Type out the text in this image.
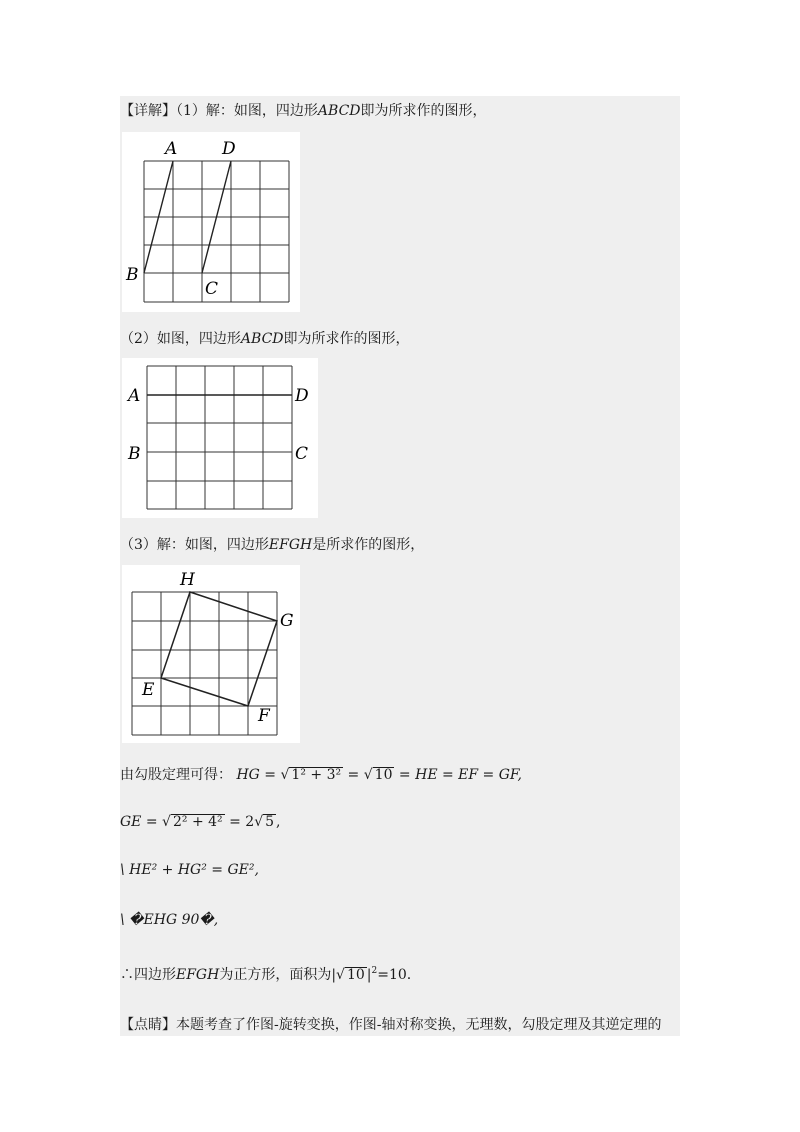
【详解】（1）解：如图，四边形ABCD即为所求作的图形，
A	D
B
C
（2）如图，四边形ABCD即为所求作的图形，
A	D
B	C
（3）解：如图，四边形EFGH是所求作的图形，
H
G
E
F
由勾股定理可得： HG = √ 1² + 3² = √ 10 = HE = EF = GF,
GE = √ 2² + 4² = 2√ 5 ,
\ HE² + HG² = GE²,
\ �EHG 90�,
∴四边形EFGH为正方形，面积为|√ 10 $|^2=10$.
【点睛】本题考查了作图-旋转变换，作图-轴对称变换，无理数，勾股定理及其逆定理的
